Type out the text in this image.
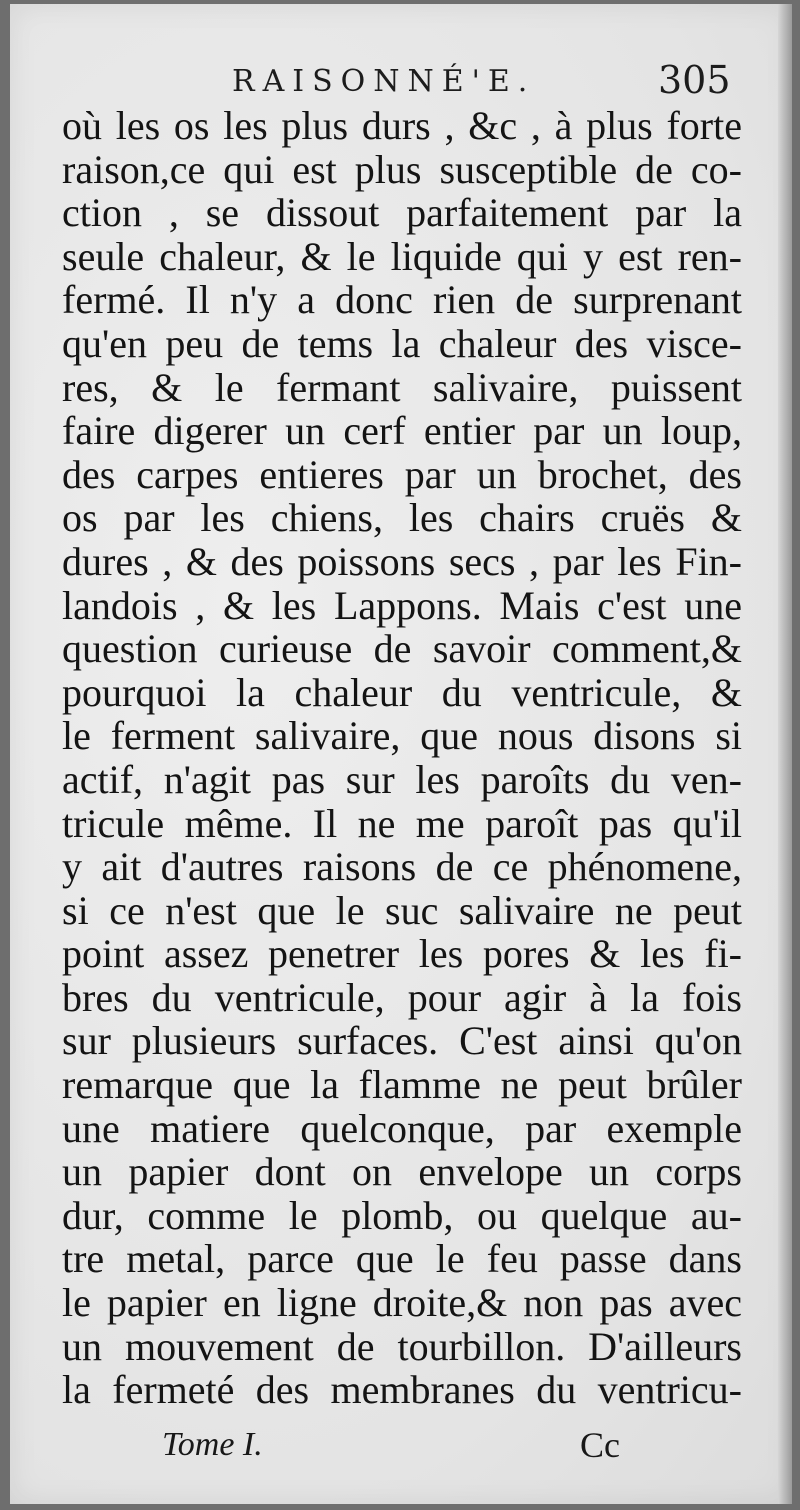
RAISONNÉ'E.	305
où les os les plus durs , &c , à plus forte
raison,ce qui est plus susceptible de co-
ction , se dissout parfaitement par la
seule chaleur, & le liquide qui y est ren-
fermé. Il n'y a donc rien de surprenant
qu'en peu de tems la chaleur des visce-
res, & le fermant salivaire, puissent
faire digerer un cerf entier par un loup,
des carpes entieres par un brochet, des
os par les chiens, les chairs cruës &
dures , & des poissons secs , par les Fin-
landois , & les Lappons. Mais c'est une
question curieuse de savoir comment,&
pourquoi la chaleur du ventricule, &
le ferment salivaire, que nous disons si
actif, n'agit pas sur les paroîts du ven-
tricule même. Il ne me paroît pas qu'il
y ait d'autres raisons de ce phénomene,
si ce n'est que le suc salivaire ne peut
point assez penetrer les pores & les fi-
bres du ventricule, pour agir à la fois
sur plusieurs surfaces. C'est ainsi qu'on
remarque que la flamme ne peut brûler
une matiere quelconque, par exemple
un papier dont on envelope un corps
dur, comme le plomb, ou quelque au-
tre metal, parce que le feu passe dans
le papier en ligne droite,& non pas avec
un mouvement de tourbillon. D'ailleurs
la fermeté des membranes du ventricu-
Tome I.	Cc
